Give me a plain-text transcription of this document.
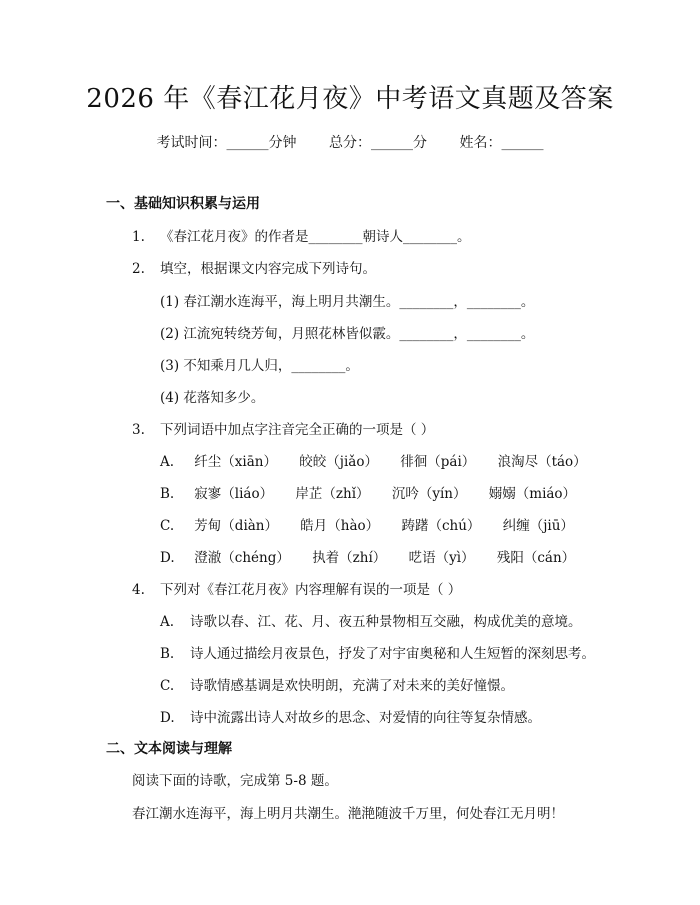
2026 年《春江花月夜》中考语文真题及答案
考试时间：______分钟 总分：______分 姓名：______
一、基础知识积累与运用
1. 《春江花月夜》的作者是________朝诗人________。
2. 填空，根据课文内容完成下列诗句。
(1) 春江潮水连海平，海上明月共潮生。________，________。
(2) 江流宛转绕芳甸，月照花林皆似霰。________，________。
(3) 不知乘月几人归，________。
(4) 花落知多少。
3. 下列词语中加点字注音完全正确的一项是（ ）
A. 纤尘（xiān） 皎皎（jiǎo） 徘徊（pái） 浪淘尽（táo）
B. 寂寥（liáo） 岸芷（zhǐ） 沉吟（yín） 嫋嫋（miáo）
C. 芳甸（diàn） 皓月（hào） 踌躇（chú） 纠缠（jiū）
D. 澄澈（chéng） 执着（zhí） 呓语（yì） 残阳（cán）
4. 下列对《春江花月夜》内容理解有误的一项是（ ）
A. 诗歌以春、江、花、月、夜五种景物相互交融，构成优美的意境。
B. 诗人通过描绘月夜景色，抒发了对宇宙奥秘和人生短暂的深刻思考。
C. 诗歌情感基调是欢快明朗，充满了对未来的美好憧憬。
D. 诗中流露出诗人对故乡的思念、对爱情的向往等复杂情感。
二、文本阅读与理解
阅读下面的诗歌，完成第 5-8 题。
春江潮水连海平，海上明月共潮生。滟滟随波千万里，何处春江无月明！
